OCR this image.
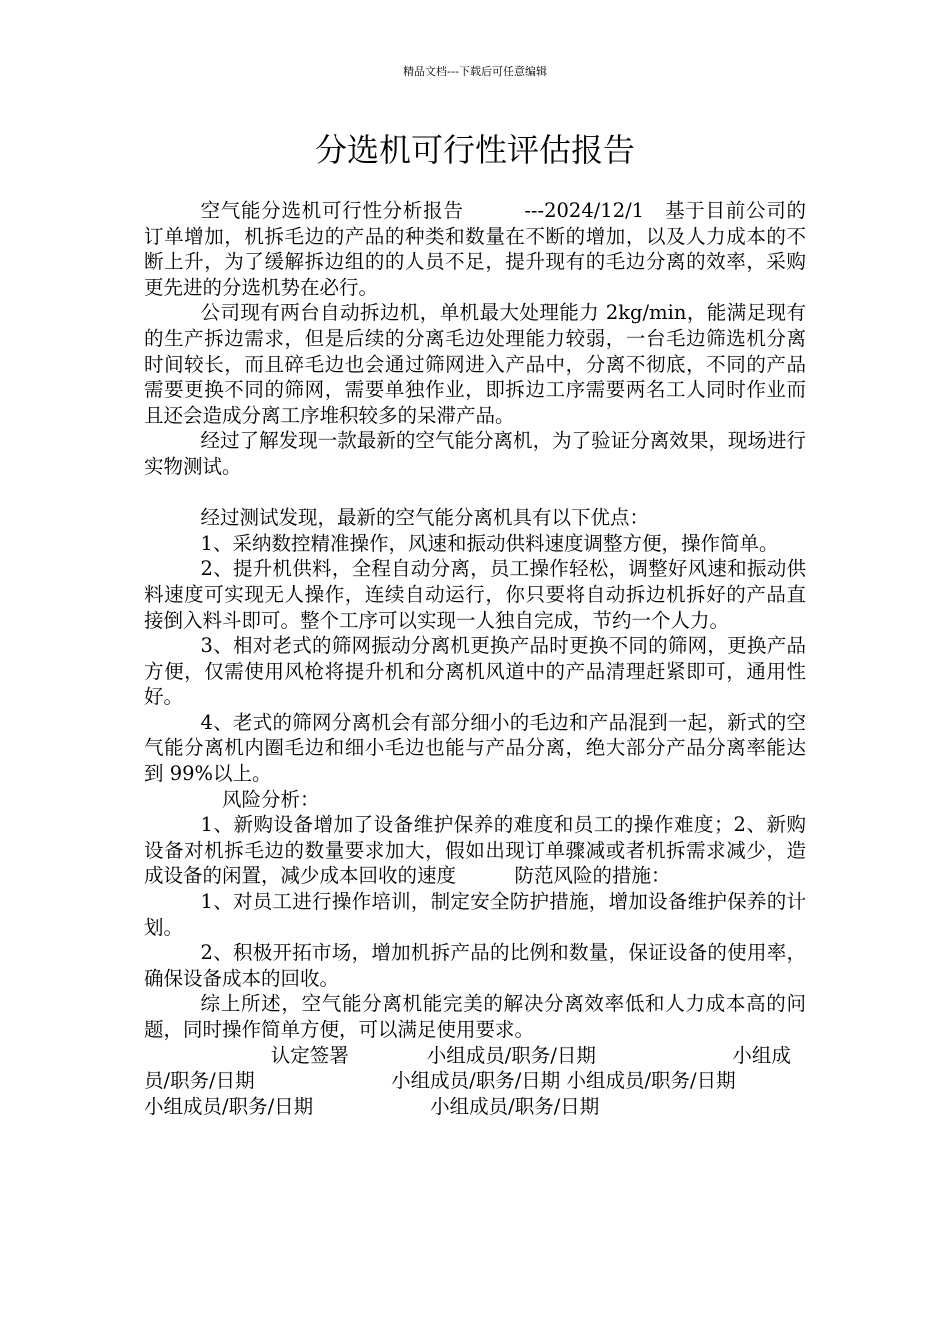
精品文档---下载后可任意编辑
分选机可行性评估报告

空气能分选机可行性分析报告　　　---2024/12/1　基于目前公司的订单增加，机拆毛边的产品的种类和数量在不断的增加，以及人力成本的不断上升，为了缓解拆边组的的人员不足，提升现有的毛边分离的效率，采购更先进的分选机势在必行。

公司现有两台自动拆边机，单机最大处理能力 2kg/min，能满足现有的生产拆边需求，但是后续的分离毛边处理能力较弱，一台毛边筛选机分离时间较长，而且碎毛边也会通过筛网进入产品中，分离不彻底，不同的产品需要更换不同的筛网，需要单独作业，即拆边工序需要两名工人同时作业而且还会造成分离工序堆积较多的呆滞产品。

经过了解发现一款最新的空气能分离机，为了验证分离效果，现场进行实物测试。

经过测试发现，最新的空气能分离机具有以下优点：

1、采纳数控精准操作，风速和振动供料速度调整方便，操作简单。

2、提升机供料，全程自动分离，员工操作轻松，调整好风速和振动供料速度可实现无人操作，连续自动运行，你只要将自动拆边机拆好的产品直接倒入料斗即可。整个工序可以实现一人独自完成，节约一个人力。

3、相对老式的筛网振动分离机更换产品时更换不同的筛网，更换产品方便，仅需使用风枪将提升机和分离机风道中的产品清理赶紧即可，通用性好。

4、老式的筛网分离机会有部分细小的毛边和产品混到一起，新式的空气能分离机内圈毛边和细小毛边也能与产品分离，绝大部分产品分离率能达到 99%以上。

风险分析：

1、新购设备增加了设备维护保养的难度和员工的操作难度；2、新购设备对机拆毛边的数量要求加大，假如出现订单骤减或者机拆需求减少，造成设备的闲置，减少成本回收的速度　　　防范风险的措施：

1、对员工进行操作培训，制定安全防护措施，增加设备维护保养的计划。

2、积极开拓市场，增加机拆产品的比例和数量，保证设备的使用率，确保设备成本的回收。

综上所述，空气能分离机能完美的解决分离效率低和人力成本高的问题，同时操作简单方便，可以满足使用要求。

认定签署　　　　小组成员/职务/日期　　　　　　　小组成员/职务/日期　　　　　　　小组成员/职务/日期 小组成员/职务/日期　　　小组成员/职务/日期　　　　　　小组成员/职务/日期
